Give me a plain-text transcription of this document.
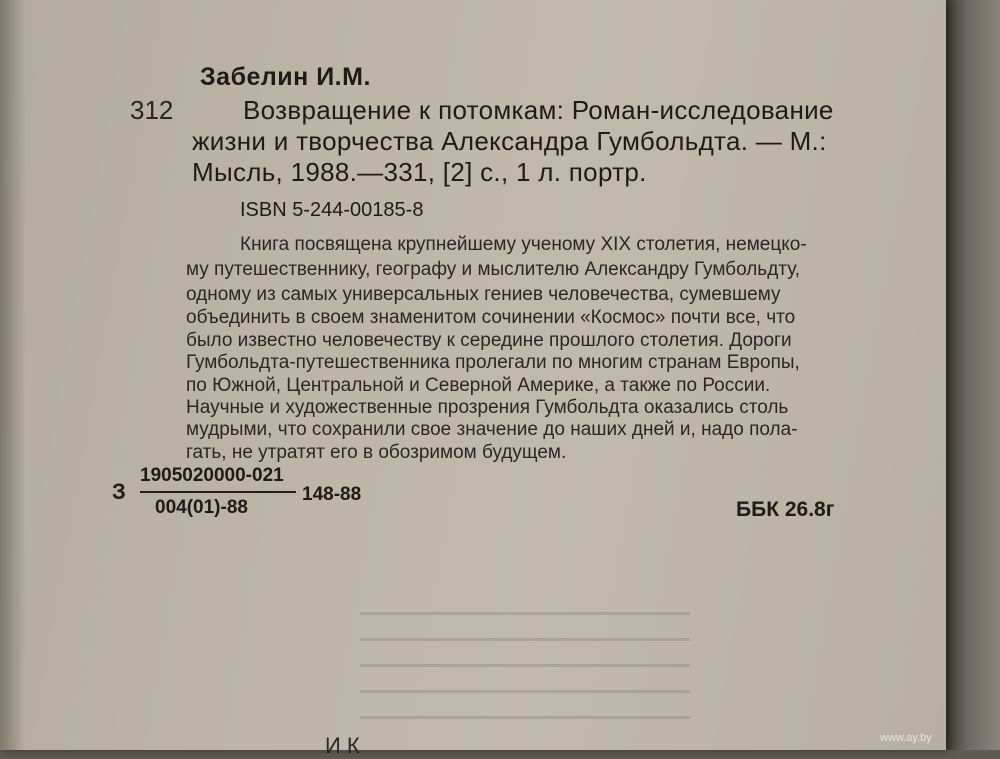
Забелин И.М.
312	Возвращение к потомкам: Роман-исследование
жизни и творчества Александра Гумбольдта. — М.:
Мысль, 1988.—331, [2] с., 1 л. портр.
ISBN 5-244-00185-8
Книга посвящена крупнейшему ученому XIX столетия, немецко-
му путешественнику, географу и мыслителю Александру Гумбольдту,
одному из самых универсальных гениев человечества, сумевшему
объединить в своем знаменитом сочинении «Космос» почти все, что
было известно человечеству к середине прошлого столетия. Дороги
Гумбольдта-путешественника пролегали по многим странам Европы,
по Южной, Центральной и Северной Америке, а также по России.
Научные и художественные прозрения Гумбольдта оказались столь
мудрыми, что сохранили свое значение до наших дней и, надо пола-
гать, не утратят его в обозримом будущем.
З
1905020000-021
004(01)-88
148-88
ББК 26.8г
И К	www.ay.by
